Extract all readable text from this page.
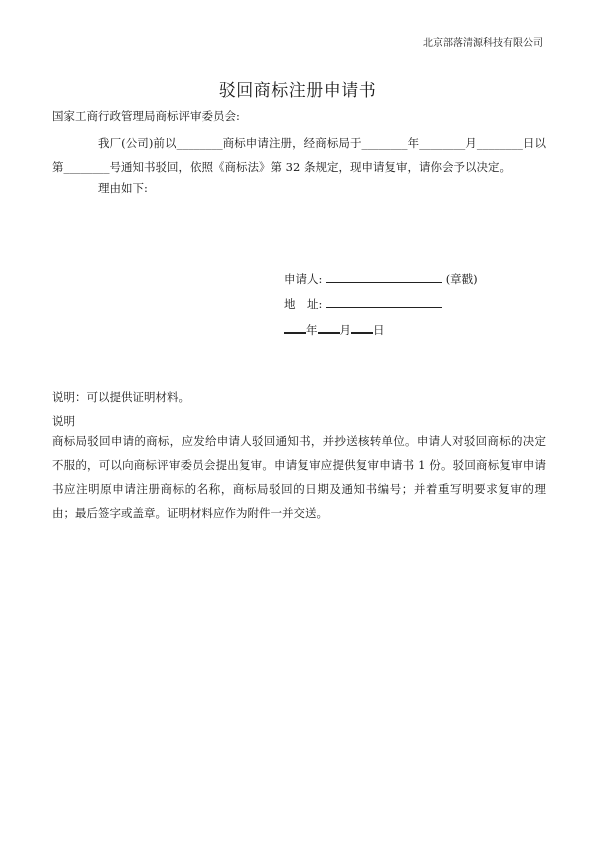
北京部落清源科技有限公司
驳回商标注册申请书
国家工商行政管理局商标评审委员会:
我厂(公司)前以________商标申请注册，经商标局于________年________月________日以第________号通知书驳回，依照《商标法》第 32 条规定，现申请复审，请你会予以决定。
理由如下:
申请人:	(章戳)
地　址:
年 月 日
说明：可以提供证明材料。
说明
商标局驳回申请的商标，应发给申请人驳回通知书，并抄送核转单位。申请人对驳回商标的决定不服的，可以向商标评审委员会提出复审。申请复审应提供复审申请书 1 份。驳回商标复审申请书应注明原申请注册商标的名称，商标局驳回的日期及通知书编号；并着重写明要求复审的理由；最后签字或盖章。证明材料应作为附件一并交送。
